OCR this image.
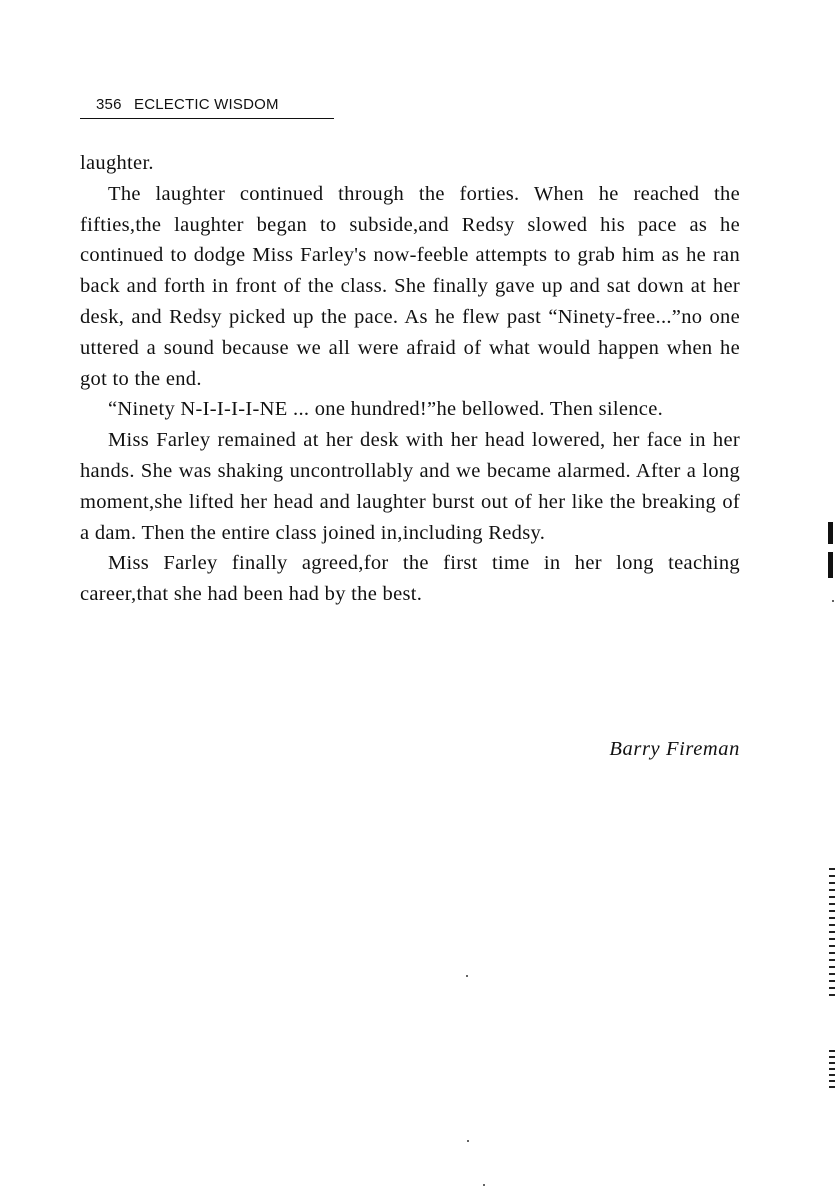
356 ECLECTIC WISDOM

laughter.

The laughter continued through the forties. When he reached the fifties,the laughter began to subside,and Redsy slowed his pace as he continued to dodge Miss Farley's now-feeble attempts to grab him as he ran back and forth in front of the class. She finally gave up and sat down at her desk, and Redsy picked up the pace. As he flew past “Ninety-free...”no one uttered a sound because we all were afraid of what would happen when he got to the end.

“Ninety N-I-I-I-I-NE ... one hundred!”he bellowed. Then silence.

Miss Farley remained at her desk with her head lowered, her face in her hands. She was shaking uncontrollably and we became alarmed. After a long moment,she lifted her head and laughter burst out of her like the breaking of a dam. Then the entire class joined in,including Redsy.

Miss Farley finally agreed,for the first time in her long teaching career,that she had been had by the best.

Barry Fireman
